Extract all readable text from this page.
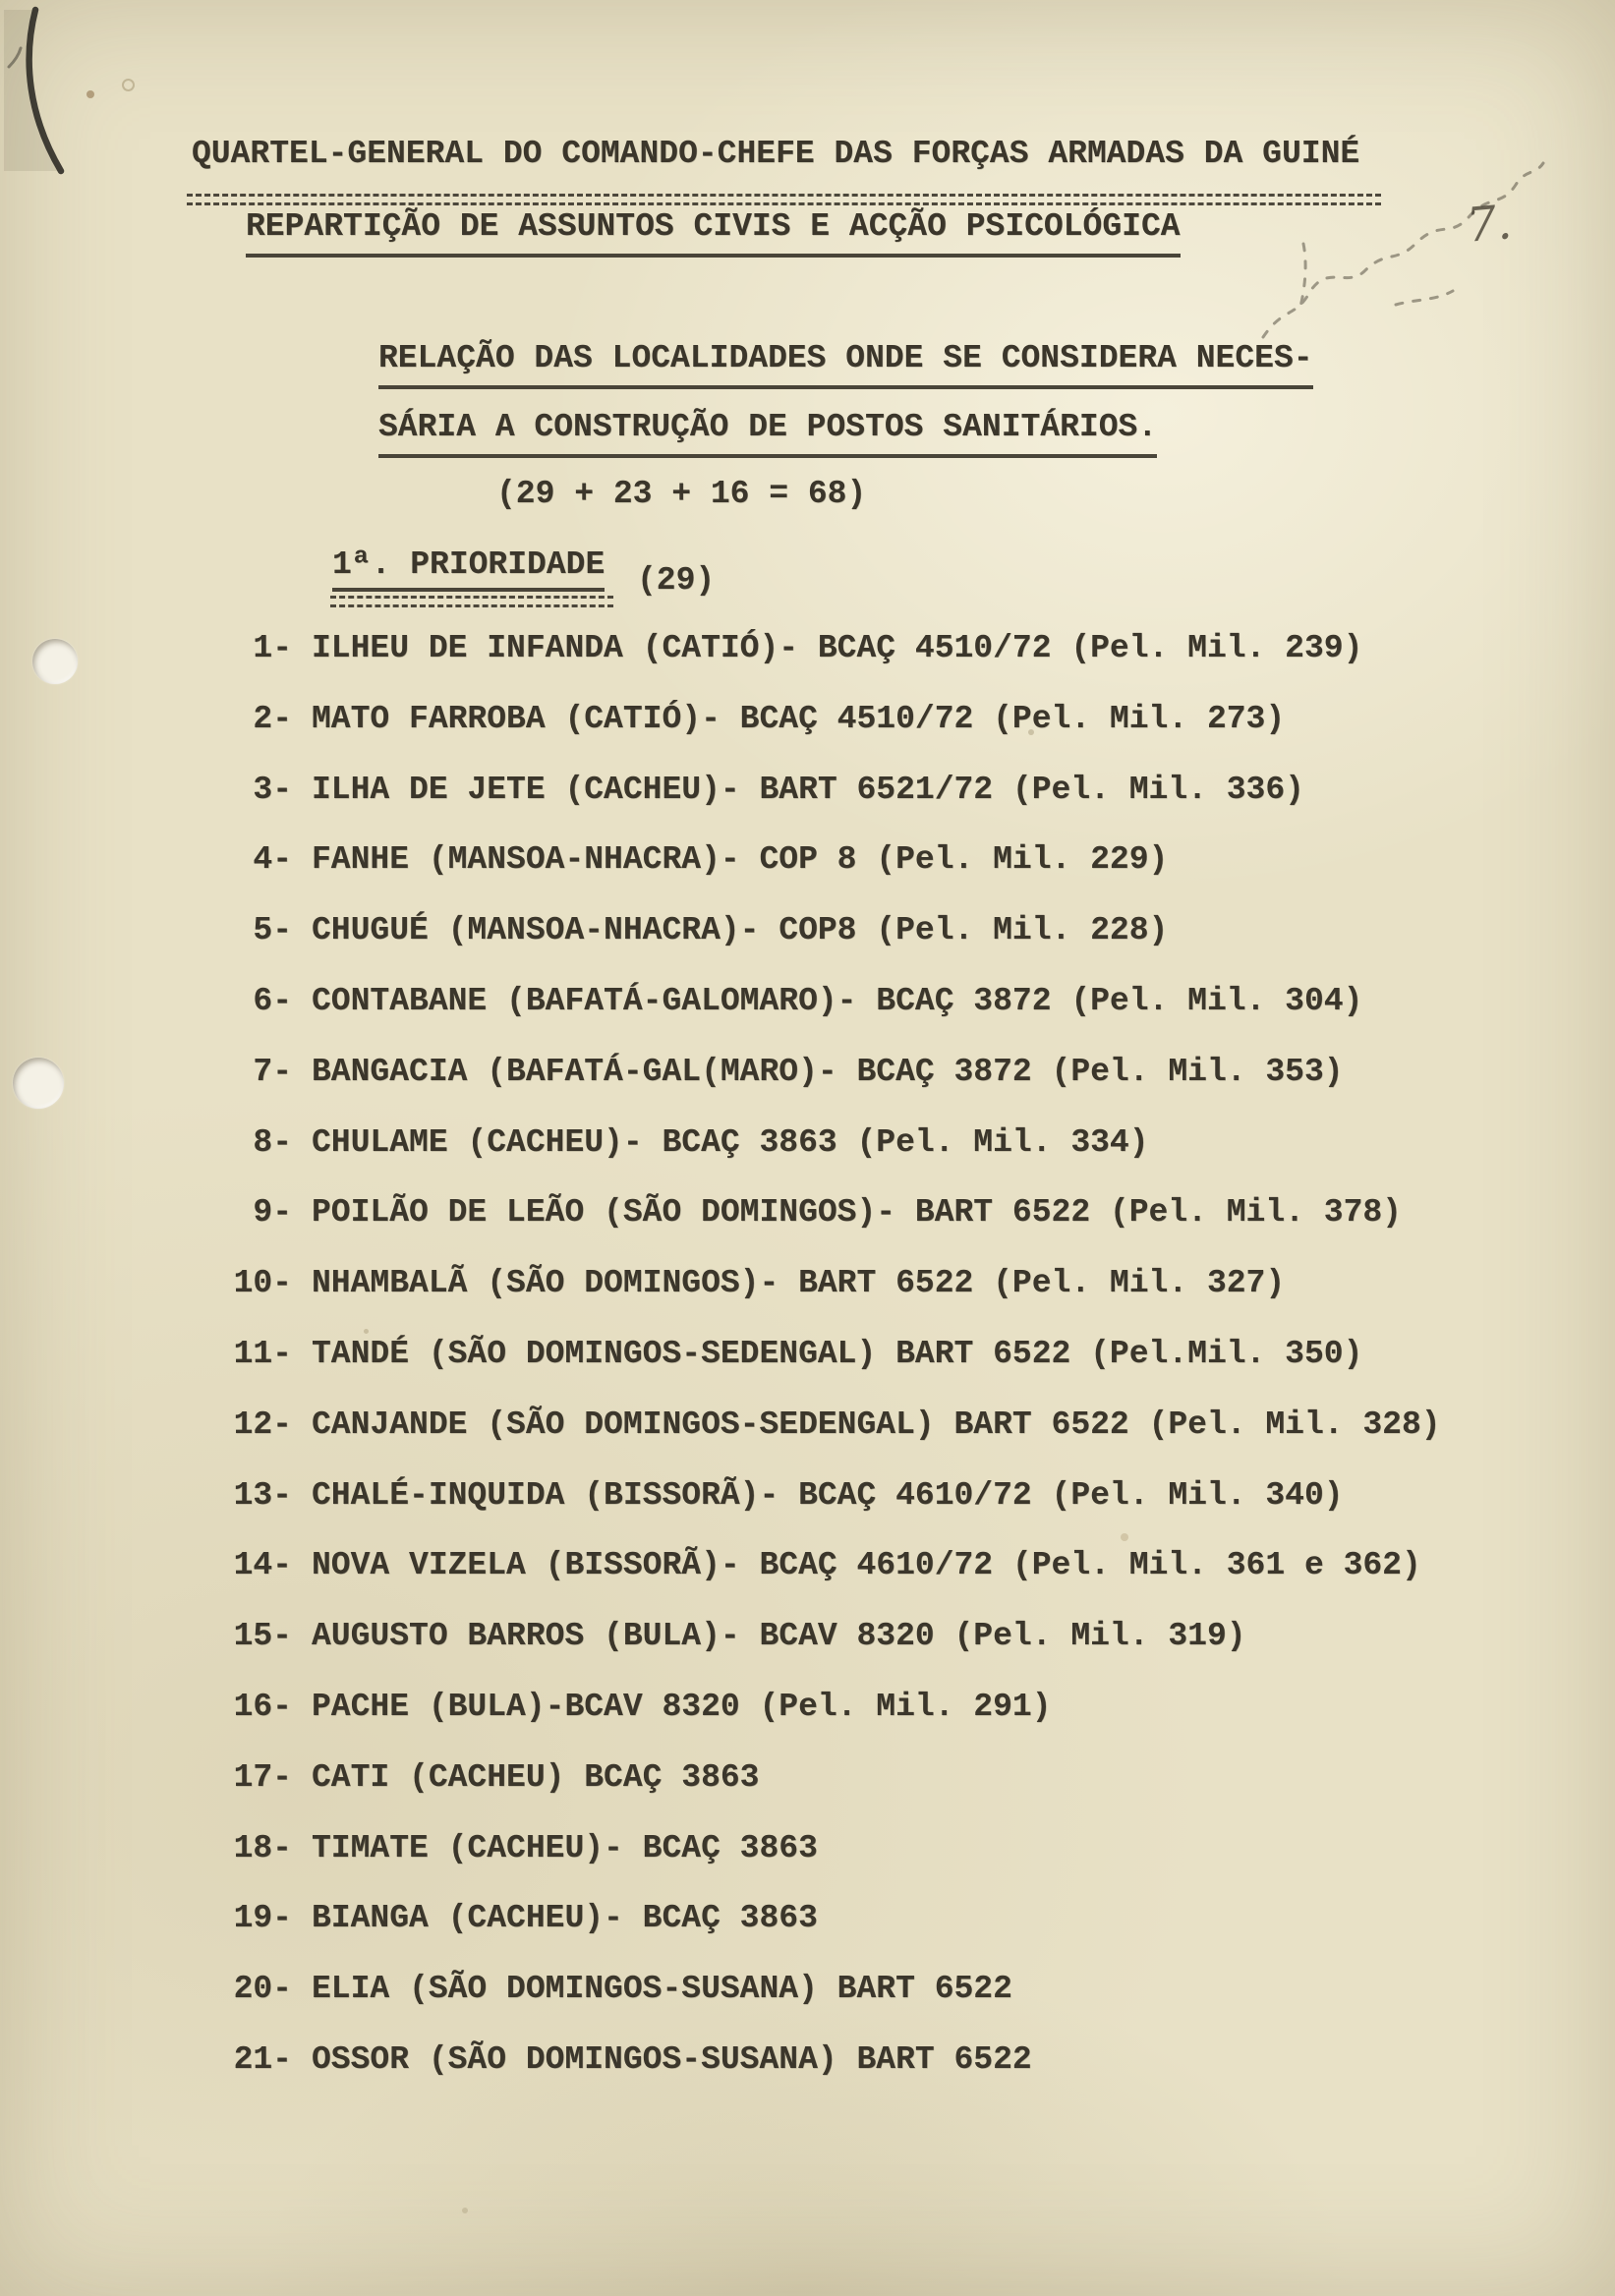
QUARTEL-GENERAL DO COMANDO-CHEFE DAS FORÇAS ARMADAS DA GUINÉ
REPARTIÇÃO DE ASSUNTOS CIVIS E ACÇÃO PSICOLÓGICA	7.
RELAÇÃO DAS LOCALIDADES ONDE SE CONSIDERA NECES-
SÁRIA A CONSTRUÇÃO DE POSTOS SANITÁRIOS.
(29 + 23 + 16 = 68)
1ª. PRIORIDADE (29)
1- ILHEU DE INFANDA (CATIÓ)- BCAÇ 4510/72 (Pel. Mil. 239)
2- MATO FARROBA (CATIÓ)- BCAÇ 4510/72 (Pel. Mil. 273)
3- ILHA DE JETE (CACHEU)- BART 6521/72 (Pel. Mil. 336)
4- FANHE (MANSOA-NHACRA)- COP 8 (Pel. Mil. 229)
5- CHUGUÉ (MANSOA-NHACRA)- COP8 (Pel. Mil. 228)
6- CONTABANE (BAFATÁ-GALOMARO)- BCAÇ 3872 (Pel. Mil. 304)
7- BANGACIA (BAFATÁ-GAL(MARO)- BCAÇ 3872 (Pel. Mil. 353)
8- CHULAME (CACHEU)- BCAÇ 3863 (Pel. Mil. 334)
9- POILÃO DE LEÃO (SÃO DOMINGOS)- BART 6522 (Pel. Mil. 378)
10- NHAMBALÃ (SÃO DOMINGOS)- BART 6522 (Pel. Mil. 327)
11- TANDÉ (SÃO DOMINGOS-SEDENGAL) BART 6522 (Pel.Mil. 350)
12- CANJANDE (SÃO DOMINGOS-SEDENGAL) BART 6522 (Pel. Mil. 328)
13- CHALÉ-INQUIDA (BISSORÃ)- BCAÇ 4610/72 (Pel. Mil. 340)
14- NOVA VIZELA (BISSORÃ)- BCAÇ 4610/72 (Pel. Mil. 361 e 362)
15- AUGUSTO BARROS (BULA)- BCAV 8320 (Pel. Mil. 319)
16- PACHE (BULA)-BCAV 8320 (Pel. Mil. 291)
17- CATI (CACHEU) BCAÇ 3863
18- TIMATE (CACHEU)- BCAÇ 3863
19- BIANGA (CACHEU)- BCAÇ 3863
20- ELIA (SÃO DOMINGOS-SUSANA) BART 6522
21- OSSOR (SÃO DOMINGOS-SUSANA) BART 6522
